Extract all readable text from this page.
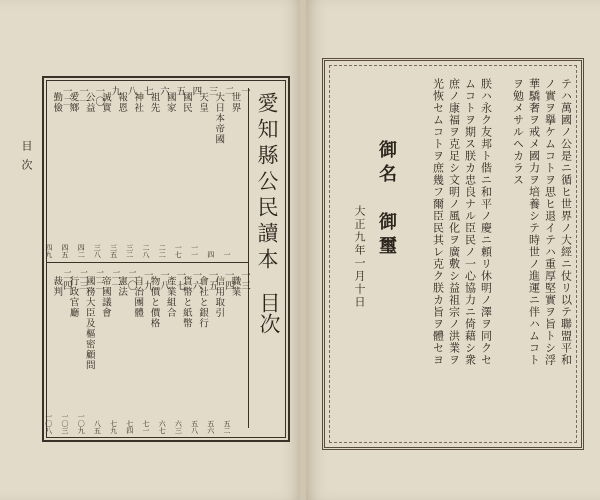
愛知縣公民讀本
目次
目次
一
世界
一
二
大日本帝國
四
三
天皇
一一
四
國民
一七
五
國家
二二
六
祖先
二八
七
神社
三二
八
報恩
三五
九
誠實
三八
一〇
公益
四二
一一
愛鄉
四五
一二
勤儉
四九
一三
職業
五二
一四
信用取引
五六
一五
會社と銀行
五八
一六
貨幣と紙幣
六三
一七
產業組合
六七
一八
物價と價格
七一
一九
自治團體
七四
二〇
憲法
七九
二一
帝國議會
八五
二二
國務大臣及樞密顧問
一〇九
二三
行政官廳
一〇三
二四
裁判
一〇八
テハ萬國ノ公是ニ循ヒ世界ノ大經ニ仗リ以テ聯盟平和
ノ實ヲ擧ケムコトヲ思ヒ退イテハ重厚堅實ヲ旨トシ浮
華驕奢ヲ戒メ國力ヲ培養シテ時世ノ進運ニ伴ハムコト
ヲ勉メサルヘカラス
朕ハ永ク友邦ト偕ニ和平ノ慶ニ頼リ休明ノ澤ヲ同クセ
ムコトヲ期ス朕カ忠良ナル臣民ノ一心協力ニ倚藉シ衆
庶ノ康福ヲ克足シ文明ノ風化ヲ廣敷シ益祖宗ノ洪業ヲ
光恢セムコトヲ庶幾フ爾臣民其レ克ク朕カ旨ヲ體セヨ
御名　御璽
大正九年一月十日
